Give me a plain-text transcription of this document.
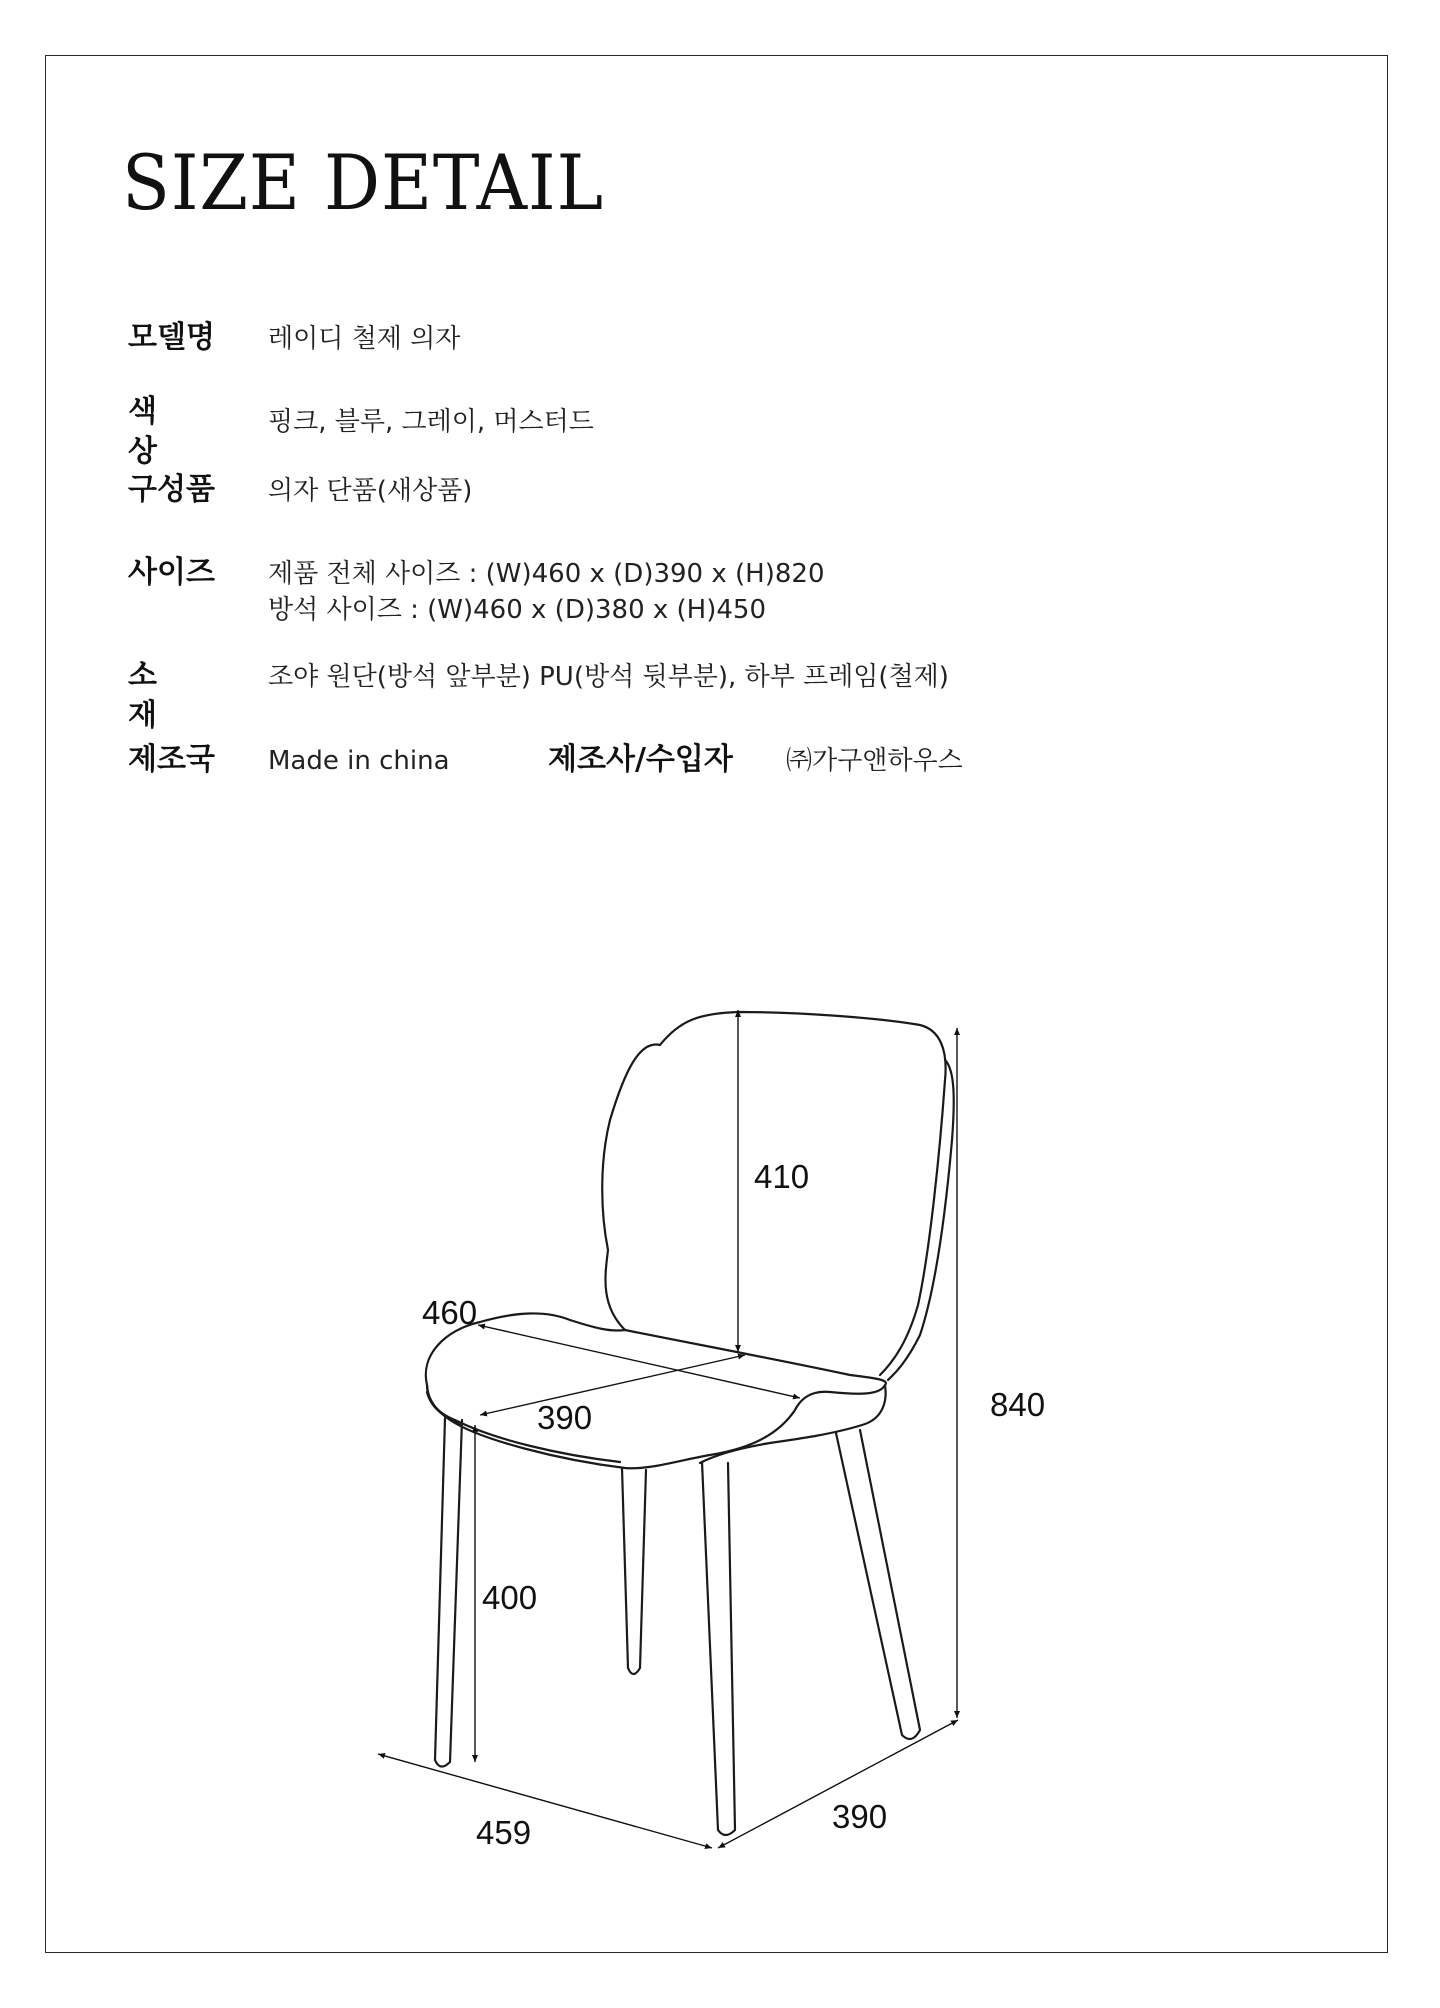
SIZE DETAIL
모델명	레이디 철제 의자
색 상
핑크, 블루, 그레이, 머스터드
구성품	의자 단품(새상품)
사이즈	제품 전체 사이즈 : (W)460 x (D)390 x (H)820
방석 사이즈 : (W)460 x (D)380 x (H)450
소 재
조야 원단(방석 앞부분) PU(방석 뒷부분), 하부 프레임(철제)
제조국	Made in china	제조사/수입자	㈜가구앤하우스
410
460
390
400
840
459	390
